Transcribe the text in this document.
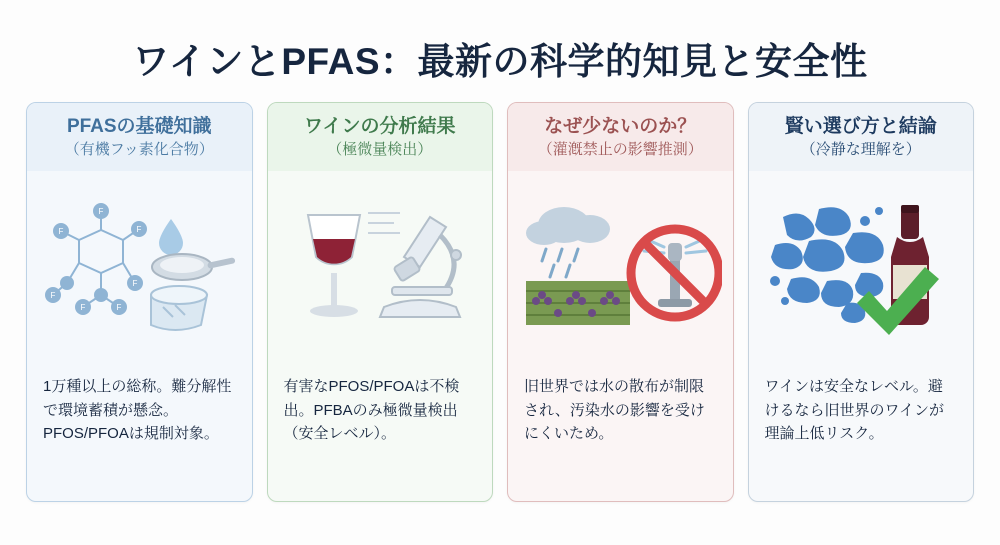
ワインとPFAS：最新の科学的知見と安全性
PFASの基礎知識
（有機フッ素化合物）
F
F	F
F
F
F	F
1万種以上の総称。難分解性で環境蓄積が懸念。PFOS/PFOAは規制対象。
ワインの分析結果
（極微量検出）
有害なPFOS/PFOAは不検出。PFBAのみ極微量検出（安全レベル）。
なぜ少ないのか？
（灌漑禁止の影響推測）
旧世界では水の散布が制限され、汚染水の影響を受けにくいため。
賢い選び方と結論
（冷静な理解を）
ワインは安全なレベル。避けるなら旧世界のワインが理論上低リスク。
